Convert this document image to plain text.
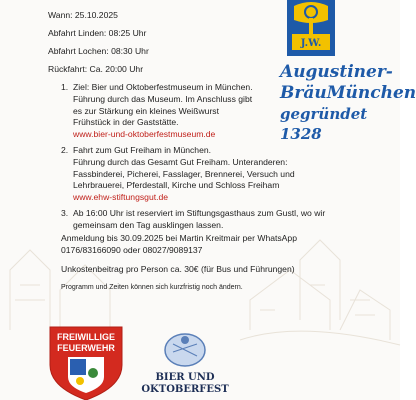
Wann: 25.10.2025
Abfahrt Linden: 08:25 Uhr
Abfahrt Lochen: 08:30 Uhr
Rückfahrt: Ca. 20:00 Uhr
1. Ziel: Bier und Oktoberfestmuseum in München.
Führung durch das Museum. Im Anschluss gibt
es zur Stärkung ein kleines Weißwurst
Frühstück in der Gaststätte.
www.bier-und-oktoberfestmuseum.de
2. Fahrt zum Gut Freiham in München.
Führung durch das Gesamt Gut Freiham. Unteranderen:
Fassbinderei, Picherei, Fasslager, Brennerei, Versuch und
Lehrbrauerei, Pferdestall, Kirche und Schloss Freiham
www.ehw-stiftungsgut.de
3. Ab 16:00 Uhr ist reserviert im Stiftungsgasthaus zum Gustl, wo wir
gemeinsam den Tag ausklingen lassen.
Anmeldung bis 30.09.2025 bei Martin Kreitmair per WhatsApp
0176/83166090 oder 08027/9089137
Unkostenbeitrag pro Person ca. 30€ (für Bus und Führungen)
Programm und Zeiten können sich kurzfristig noch ändern.
J.W.
Augustiner-
BräuMünchen
gegründet 1328
FREIWILLIGE
FEUERWEHR
BIER UND
OKTOBERFEST
